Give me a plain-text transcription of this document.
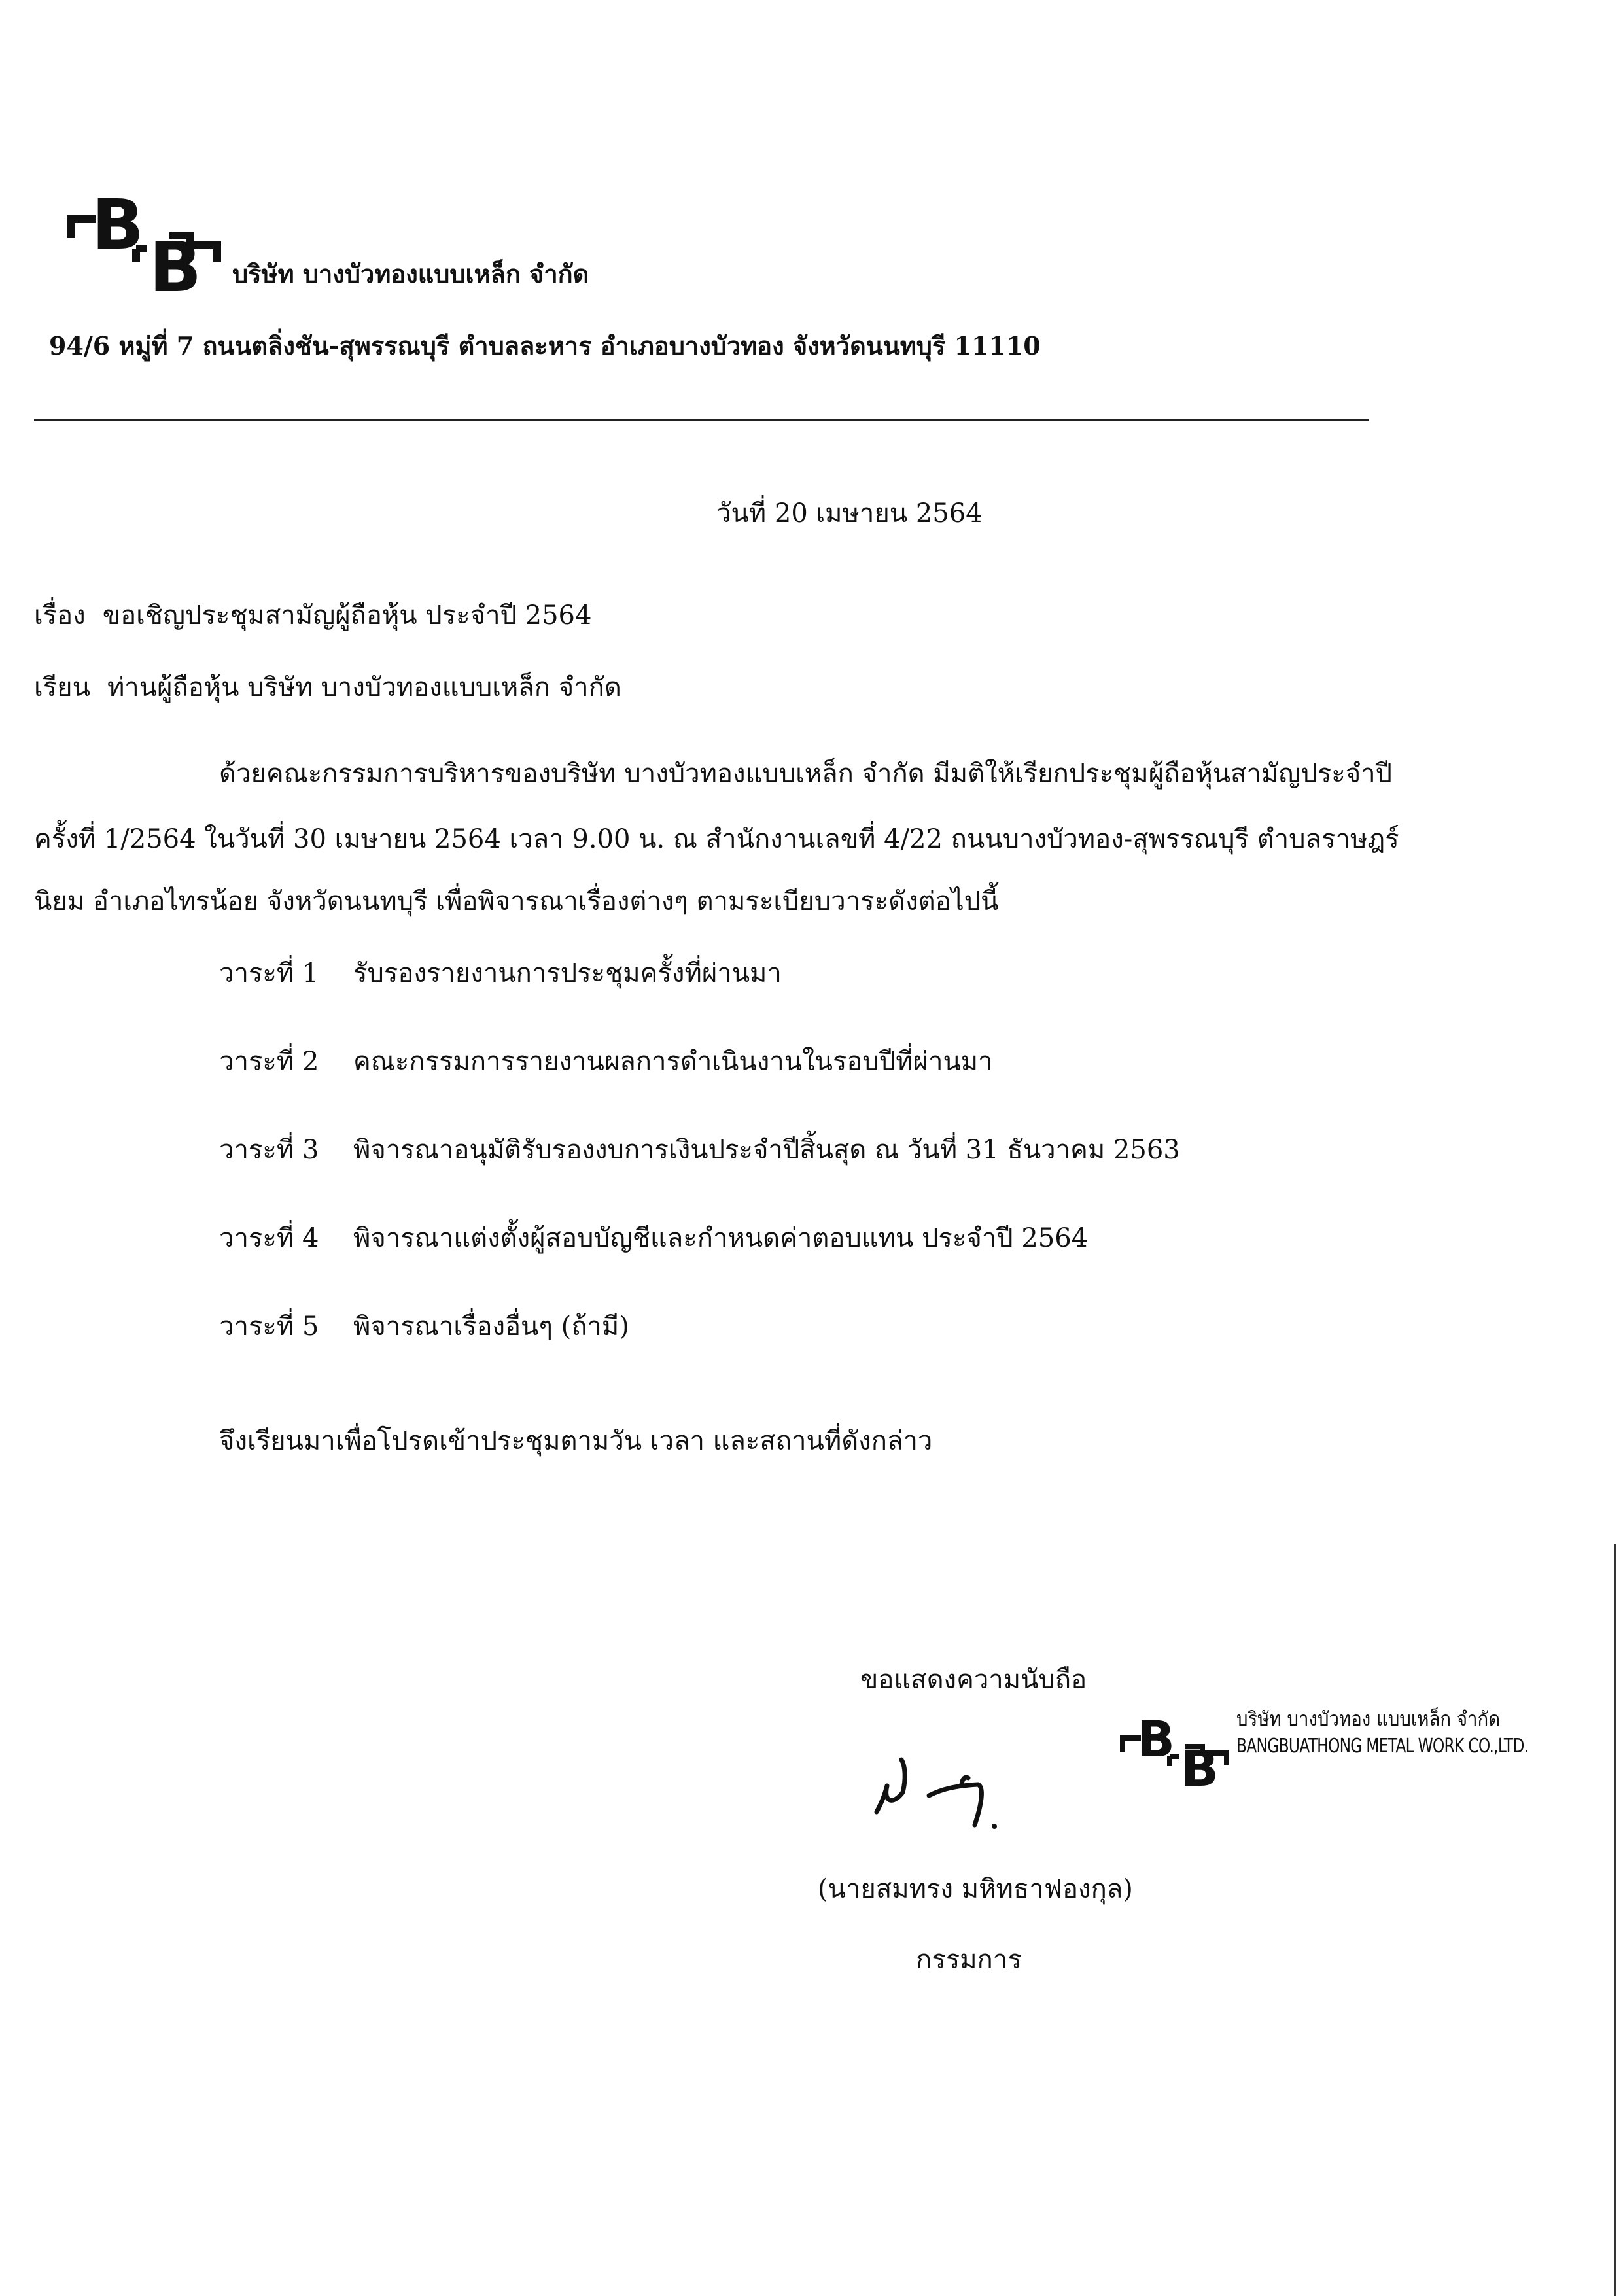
B
B บริษัท บางบัวทองแบบเหล็ก จำกัด
94/6 หมู่ที่ 7 ถนนตลิ่งชัน-สุพรรณบุรี ตำบลละหาร อำเภอบางบัวทอง จังหวัดนนทบุรี 11110
วันที่ 20 เมษายน 2564
เรื่อง ขอเชิญประชุมสามัญผู้ถือหุ้น ประจำปี 2564
เรียน ท่านผู้ถือหุ้น บริษัท บางบัวทองแบบเหล็ก จำกัด
ด้วยคณะกรรมการบริหารของบริษัท บางบัวทองแบบเหล็ก จำกัด มีมติให้เรียกประชุมผู้ถือหุ้นสามัญประจำปี
ครั้งที่ 1/2564 ในวันที่ 30 เมษายน 2564 เวลา 9.00 น. ณ สำนักงานเลขที่ 4/22 ถนนบางบัวทอง-สุพรรณบุรี ตำบลราษฎร์
นิยม อำเภอไทรน้อย จังหวัดนนทบุรี เพื่อพิจารณาเรื่องต่างๆ ตามระเบียบวาระดังต่อไปนี้
วาระที่ 1 รับรองรายงานการประชุมครั้งที่ผ่านมา
วาระที่ 2 คณะกรรมการรายงานผลการดำเนินงานในรอบปีที่ผ่านมา
วาระที่ 3 พิจารณาอนุมัติรับรองงบการเงินประจำปีสิ้นสุด ณ วันที่ 31 ธันวาคม 2563
วาระที่ 4 พิจารณาแต่งตั้งผู้สอบบัญชีและกำหนดค่าตอบแทน ประจำปี 2564
วาระที่ 5 พิจารณาเรื่องอื่นๆ (ถ้ามี)
จึงเรียนมาเพื่อโปรดเข้าประชุมตามวัน เวลา และสถานที่ดังกล่าว
ขอแสดงความนับถือ
B
B
บริษัท บางบัวทอง แบบเหล็ก จำกัด
BANGBUATHONG METAL WORK CO.,LTD.
(นายสมทรง มหิทธาฟองกุล)
กรรมการ
